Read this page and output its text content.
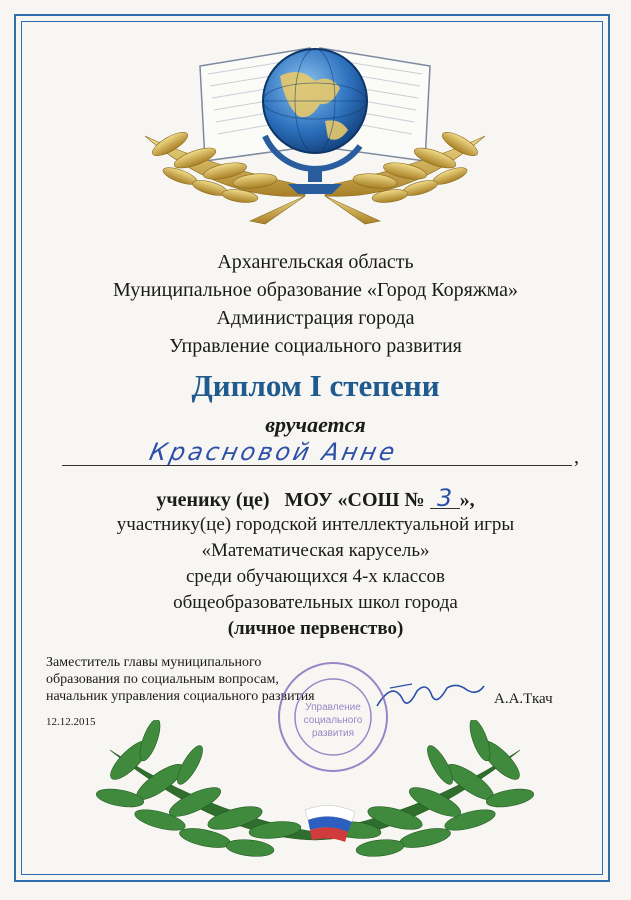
Архангельская область
Муниципальное образование «Город Коряжма»
Администрация города
Управление социального развития
Диплом I степени
вручается
Красновой Анне	,
ученику (це) МОУ «СОШ № 3 »,
участнику(це) городской интеллектуальной игры
«Математическая карусель»
среди обучающихся 4-х классов
общеобразовательных школ города
(личное первенство)
Заместитель главы муниципального
образования по социальным вопросам,
начальник управления социального развития	А.А.Ткач
12.12.2015
Управление
социального
развития
